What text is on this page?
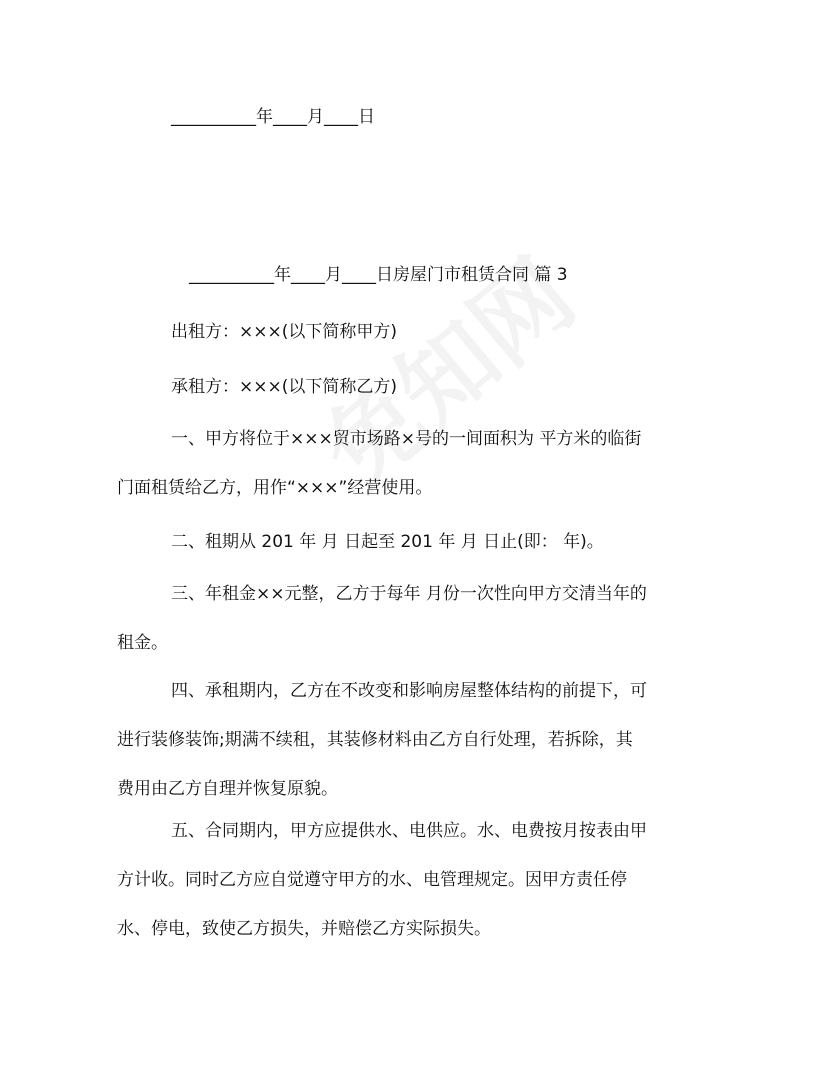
__________年____月____日

__________年____月____日房屋门市租赁合同 篇 3

出租方：×××(以下简称甲方)

承租方：×××(以下简称乙方)

一、甲方将位于×××贸市场路×号的一间面积为 平方米的临街
门面租赁给乙方，用作“×××”经营使用。
二、租期从 201 年 月 日起至 201 年 月 日止(即： 年)。
三、年租金××元整，乙方于每年 月份一次性向甲方交清当年的
租金。
四、承租期内，乙方在不改变和影响房屋整体结构的前提下，可
进行装修装饰;期满不续租，其装修材料由乙方自行处理，若拆除，其
费用由乙方自理并恢复原貌。
五、合同期内，甲方应提供水、电供应。水、电费按月按表由甲
方计收。同时乙方应自觉遵守甲方的水、电管理规定。因甲方责任停
水、停电，致使乙方损失，并赔偿乙方实际损失。
